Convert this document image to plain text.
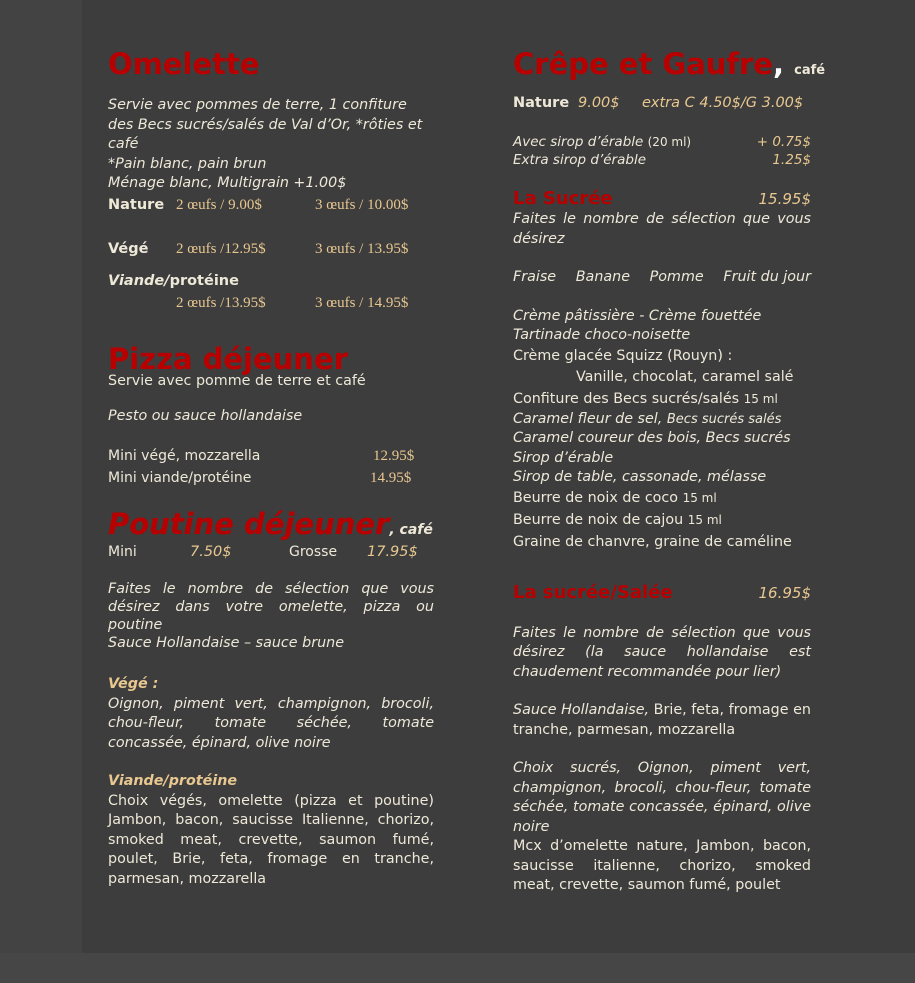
Omelette

Servie avec pommes de terre, 1 confiture des Becs sucrés/salés de Val d’Or, *rôties et café
*Pain blanc, pain brun
Ménage blanc, Multigrain +1.00$

Nature 2 œufs / 9.00$	3 œufs / 10.00$
Végé 2 œufs /12.95$	3 œufs / 13.95$
Viande/protéine
2 œufs /13.95$	3 œufs / 14.95$
Pizza déjeuner

Servie avec pomme de terre et café

Pesto ou sauce hollandaise

Mini végé, mozzarella	12.95$
Mini viande/protéine	14.95$
Poutine déjeuner, café
Mini	7.50$	Grosse 17.95$

Faites le nombre de sélection que vous désirez dans votre omelette, pizza ou poutine

Sauce Hollandaise – sauce brune

Végé :

Oignon, piment vert, champignon, brocoli, chou-fleur, tomate séchée, tomate concassée, épinard, olive noire

Viande/protéine

Choix végés, omelette (pizza et poutine) Jambon, bacon, saucisse Italienne, chorizo, smoked meat, crevette, saumon fumé, poulet, Brie, feta, fromage en tranche, parmesan, mozzarella

Crêpe et Gaufre, café
Nature 9.00$ extra C 4.50$/G 3.00$
Avec sirop d’érable (20 ml)	+ 0.75$
Extra sirop d’érable	1.25$
La Sucrée	15.95$

Faites le nombre de sélection que vous désirez

Fraise Banane Pomme Fruit du jour

Crème pâtissière - Crème fouettée

Tartinade choco-noisette

Crème glacée Squizz (Rouyn) :

Vanille, chocolat, caramel salé

Confiture des Becs sucrés/salés 15 ml

Caramel fleur de sel, Becs sucrés salés

Caramel coureur des bois, Becs sucrés

Sirop d’érable

Sirop de table, cassonade, mélasse

Beurre de noix de coco 15 ml

Beurre de noix de cajou 15 ml

Graine de chanvre, graine de caméline

La sucrée/Salée	16.95$

Faites le nombre de sélection que vous désirez (la sauce hollandaise est chaudement recommandée pour lier)

Sauce Hollandaise, Brie, feta, fromage en tranche, parmesan, mozzarella

Choix sucrés, Oignon, piment vert, champignon, brocoli, chou-fleur, tomate séchée, tomate concassée, épinard, olive noire

Mcx d’omelette nature, Jambon, bacon, saucisse italienne, chorizo, smoked meat, crevette, saumon fumé, poulet
